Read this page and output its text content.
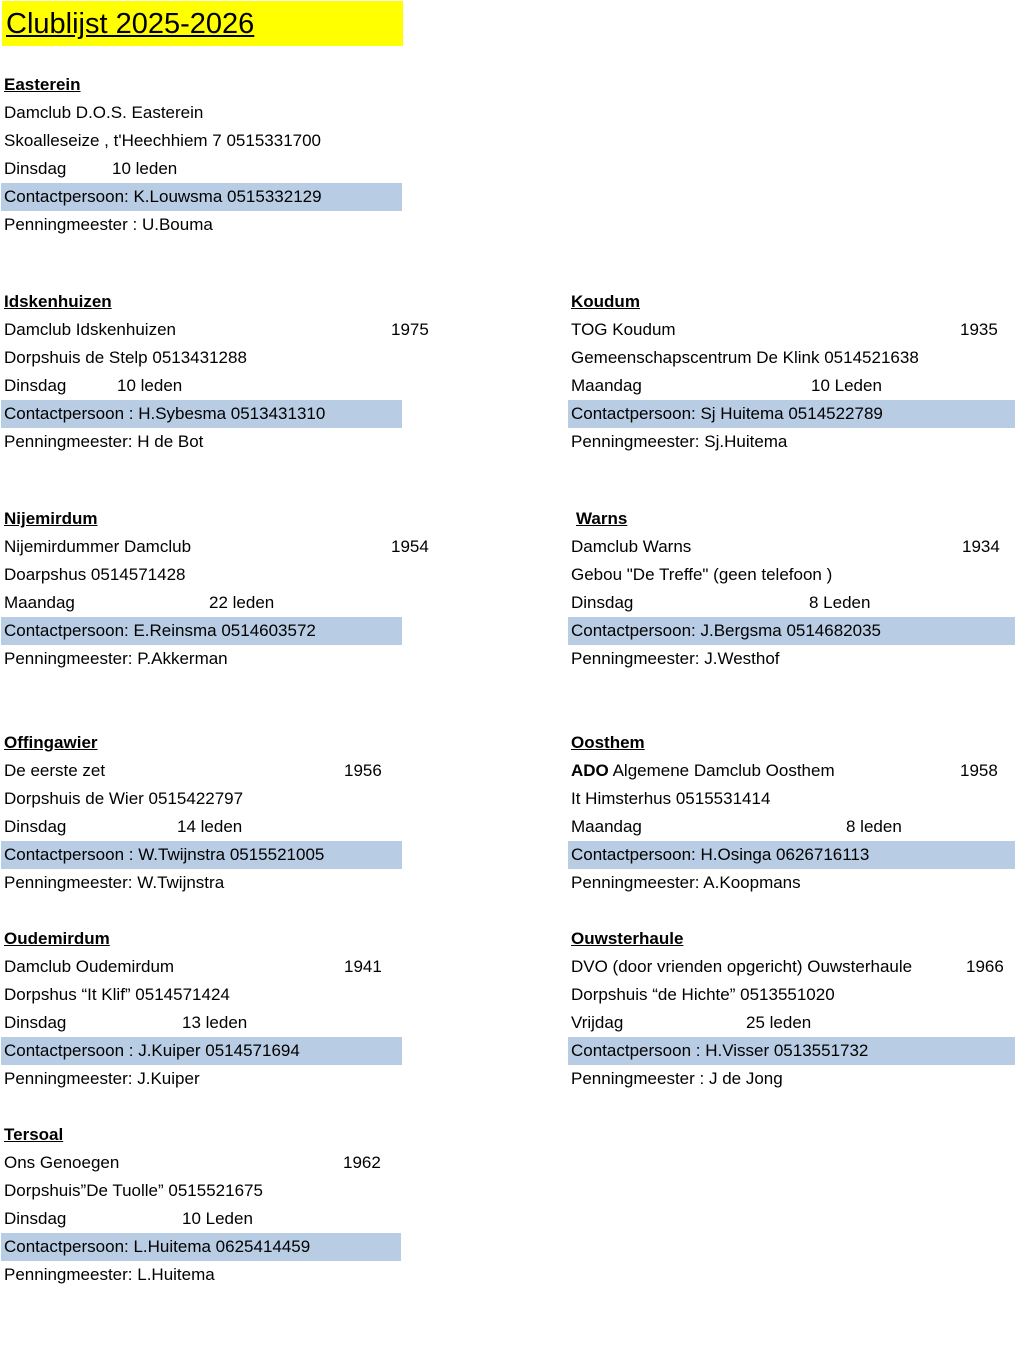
Clublijst 2025-2026
Easterein
Damclub D.O.S. Easterein
Skoalleseize , t'Heechhiem 7 0515331700
Dinsdag	10 leden
Contactpersoon: K.Louwsma 0515332129
Penningmeester : U.Bouma
Idskenhuizen
Damclub Idskenhuizen	1975
Dorpshuis de Stelp 0513431288
Dinsdag	10 leden
Contactpersoon : H.Sybesma 0513431310
Penningmeester: H de Bot
Koudum
TOG Koudum	1935
Gemeenschapscentrum De Klink 0514521638
Maandag	10 Leden
Contactpersoon: Sj Huitema 0514522789
Penningmeester: Sj.Huitema
Nijemirdum
Nijemirdummer Damclub	1954
Doarpshus 0514571428
Maandag	22 leden
Contactpersoon: E.Reinsma 0514603572
Penningmeester: P.Akkerman
Warns
Damclub Warns	1934
Gebou "De Treffe" (geen telefoon )
Dinsdag	8 Leden
Contactpersoon: J.Bergsma 0514682035
Penningmeester: J.Westhof
Offingawier
De eerste zet	1956
Dorpshuis de Wier 0515422797
Dinsdag	14 leden
Contactpersoon : W.Twijnstra 0515521005
Penningmeester: W.Twijnstra
Oosthem
ADO Algemene Damclub Oosthem	1958
It Himsterhus 0515531414
Maandag	8 leden
Contactpersoon: H.Osinga 0626716113
Penningmeester: A.Koopmans
Oudemirdum
Damclub Oudemirdum	1941
Dorpshus “It Klif” 0514571424
Dinsdag	13 leden
Contactpersoon : J.Kuiper 0514571694
Penningmeester: J.Kuiper
Ouwsterhaule
DVO (door vrienden opgericht) Ouwsterhaule	1966
Dorpshuis “de Hichte” 0513551020
Vrijdag	25 leden
Contactpersoon : H.Visser 0513551732
Penningmeester : J de Jong
Tersoal
Ons Genoegen	1962
Dorpshuis”De Tuolle” 0515521675
Dinsdag	10 Leden
Contactpersoon: L.Huitema 0625414459
Penningmeester: L.Huitema
